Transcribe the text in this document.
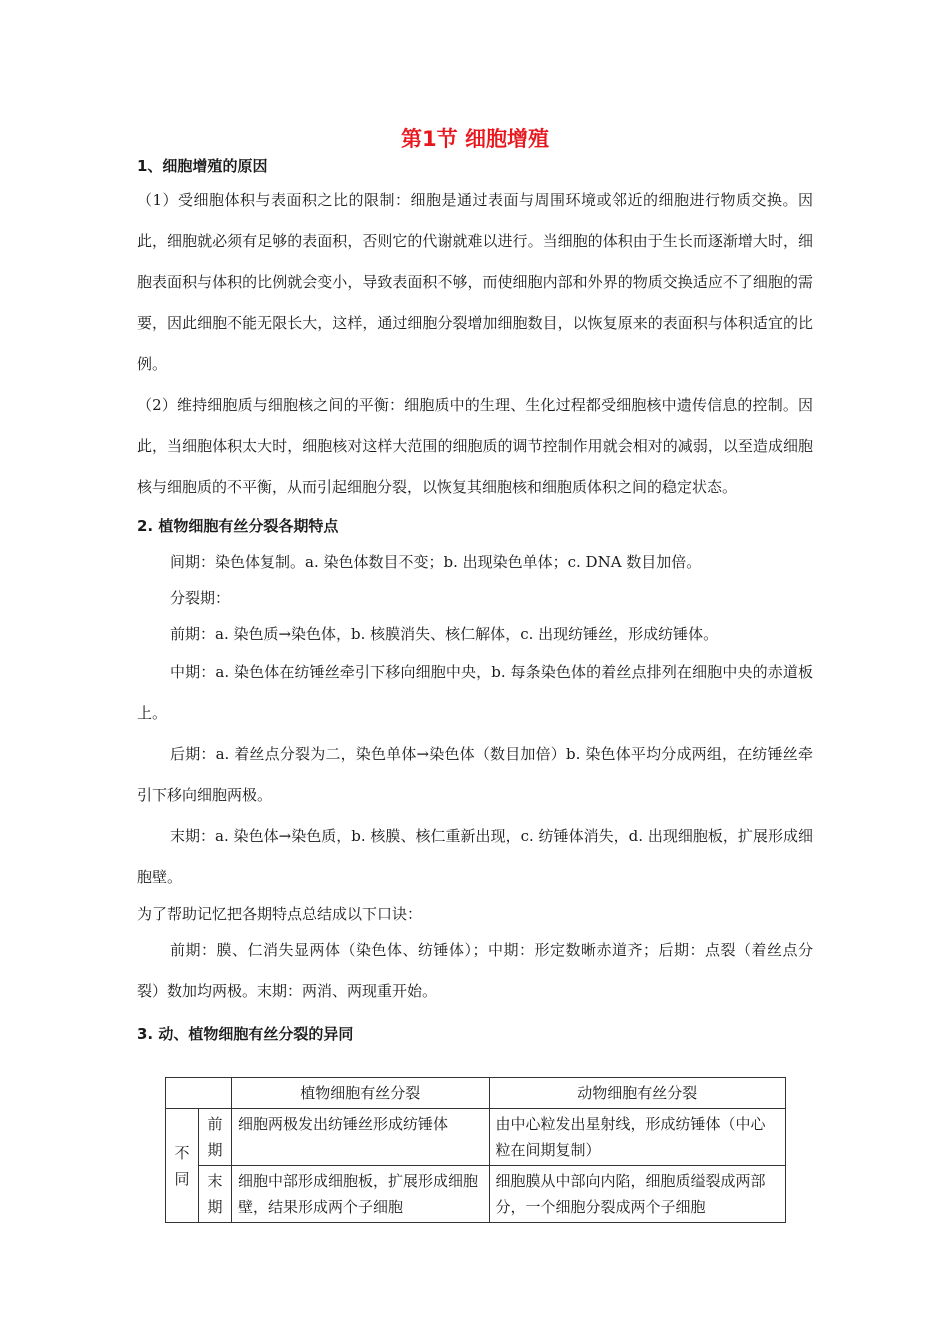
第1节 细胞增殖
1、细胞增殖的原因
（1）受细胞体积与表面积之比的限制：细胞是通过表面与周围环境或邻近的细胞进行物质交换。因此，细胞就必须有足够的表面积，否则它的代谢就难以进行。当细胞的体积由于生长而逐渐增大时，细胞表面积与体积的比例就会变小，导致表面积不够，而使细胞内部和外界的物质交换适应不了细胞的需要，因此细胞不能无限长大，这样，通过细胞分裂增加细胞数目，以恢复原来的表面积与体积适宜的比例。
（2）维持细胞质与细胞核之间的平衡：细胞质中的生理、生化过程都受细胞核中遗传信息的控制。因此，当细胞体积太大时，细胞核对这样大范围的细胞质的调节控制作用就会相对的减弱，以至造成细胞核与细胞质的不平衡，从而引起细胞分裂，以恢复其细胞核和细胞质体积之间的稳定状态。
2. 植物细胞有丝分裂各期特点
间期：染色体复制。a. 染色体数目不变；b. 出现染色单体；c. DNA 数目加倍。
分裂期：
前期：a. 染色质→染色体，b. 核膜消失、核仁解体，c. 出现纺锤丝，形成纺锤体。
中期：a. 染色体在纺锤丝牵引下移向细胞中央，b. 每条染色体的着丝点排列在细胞中央的赤道板上。
后期：a. 着丝点分裂为二，染色单体→染色体（数目加倍）b. 染色体平均分成两组，在纺锤丝牵引下移向细胞两极。
末期：a. 染色体→染色质，b. 核膜、核仁重新出现，c. 纺锤体消失，d. 出现细胞板，扩展形成细胞壁。
为了帮助记忆把各期特点总结成以下口诀：
前期：膜、仁消失显两体（染色体、纺锤体）；中期：形定数晰赤道齐；后期：点裂（着丝点分裂）数加均两极。末期：两消、两现重开始。
3. 动、植物细胞有丝分裂的异同
		植物细胞有丝分裂	动物细胞有丝分裂
不同	前期	细胞两极发出纺锤丝形成纺锤体	由中心粒发出星射线，形成纺锤体（中心粒在间期复制）
	末期	细胞中部形成细胞板，扩展形成细胞壁，结果形成两个子细胞	细胞膜从中部向内陷，细胞质缢裂成两部分，一个细胞分裂成两个子细胞
